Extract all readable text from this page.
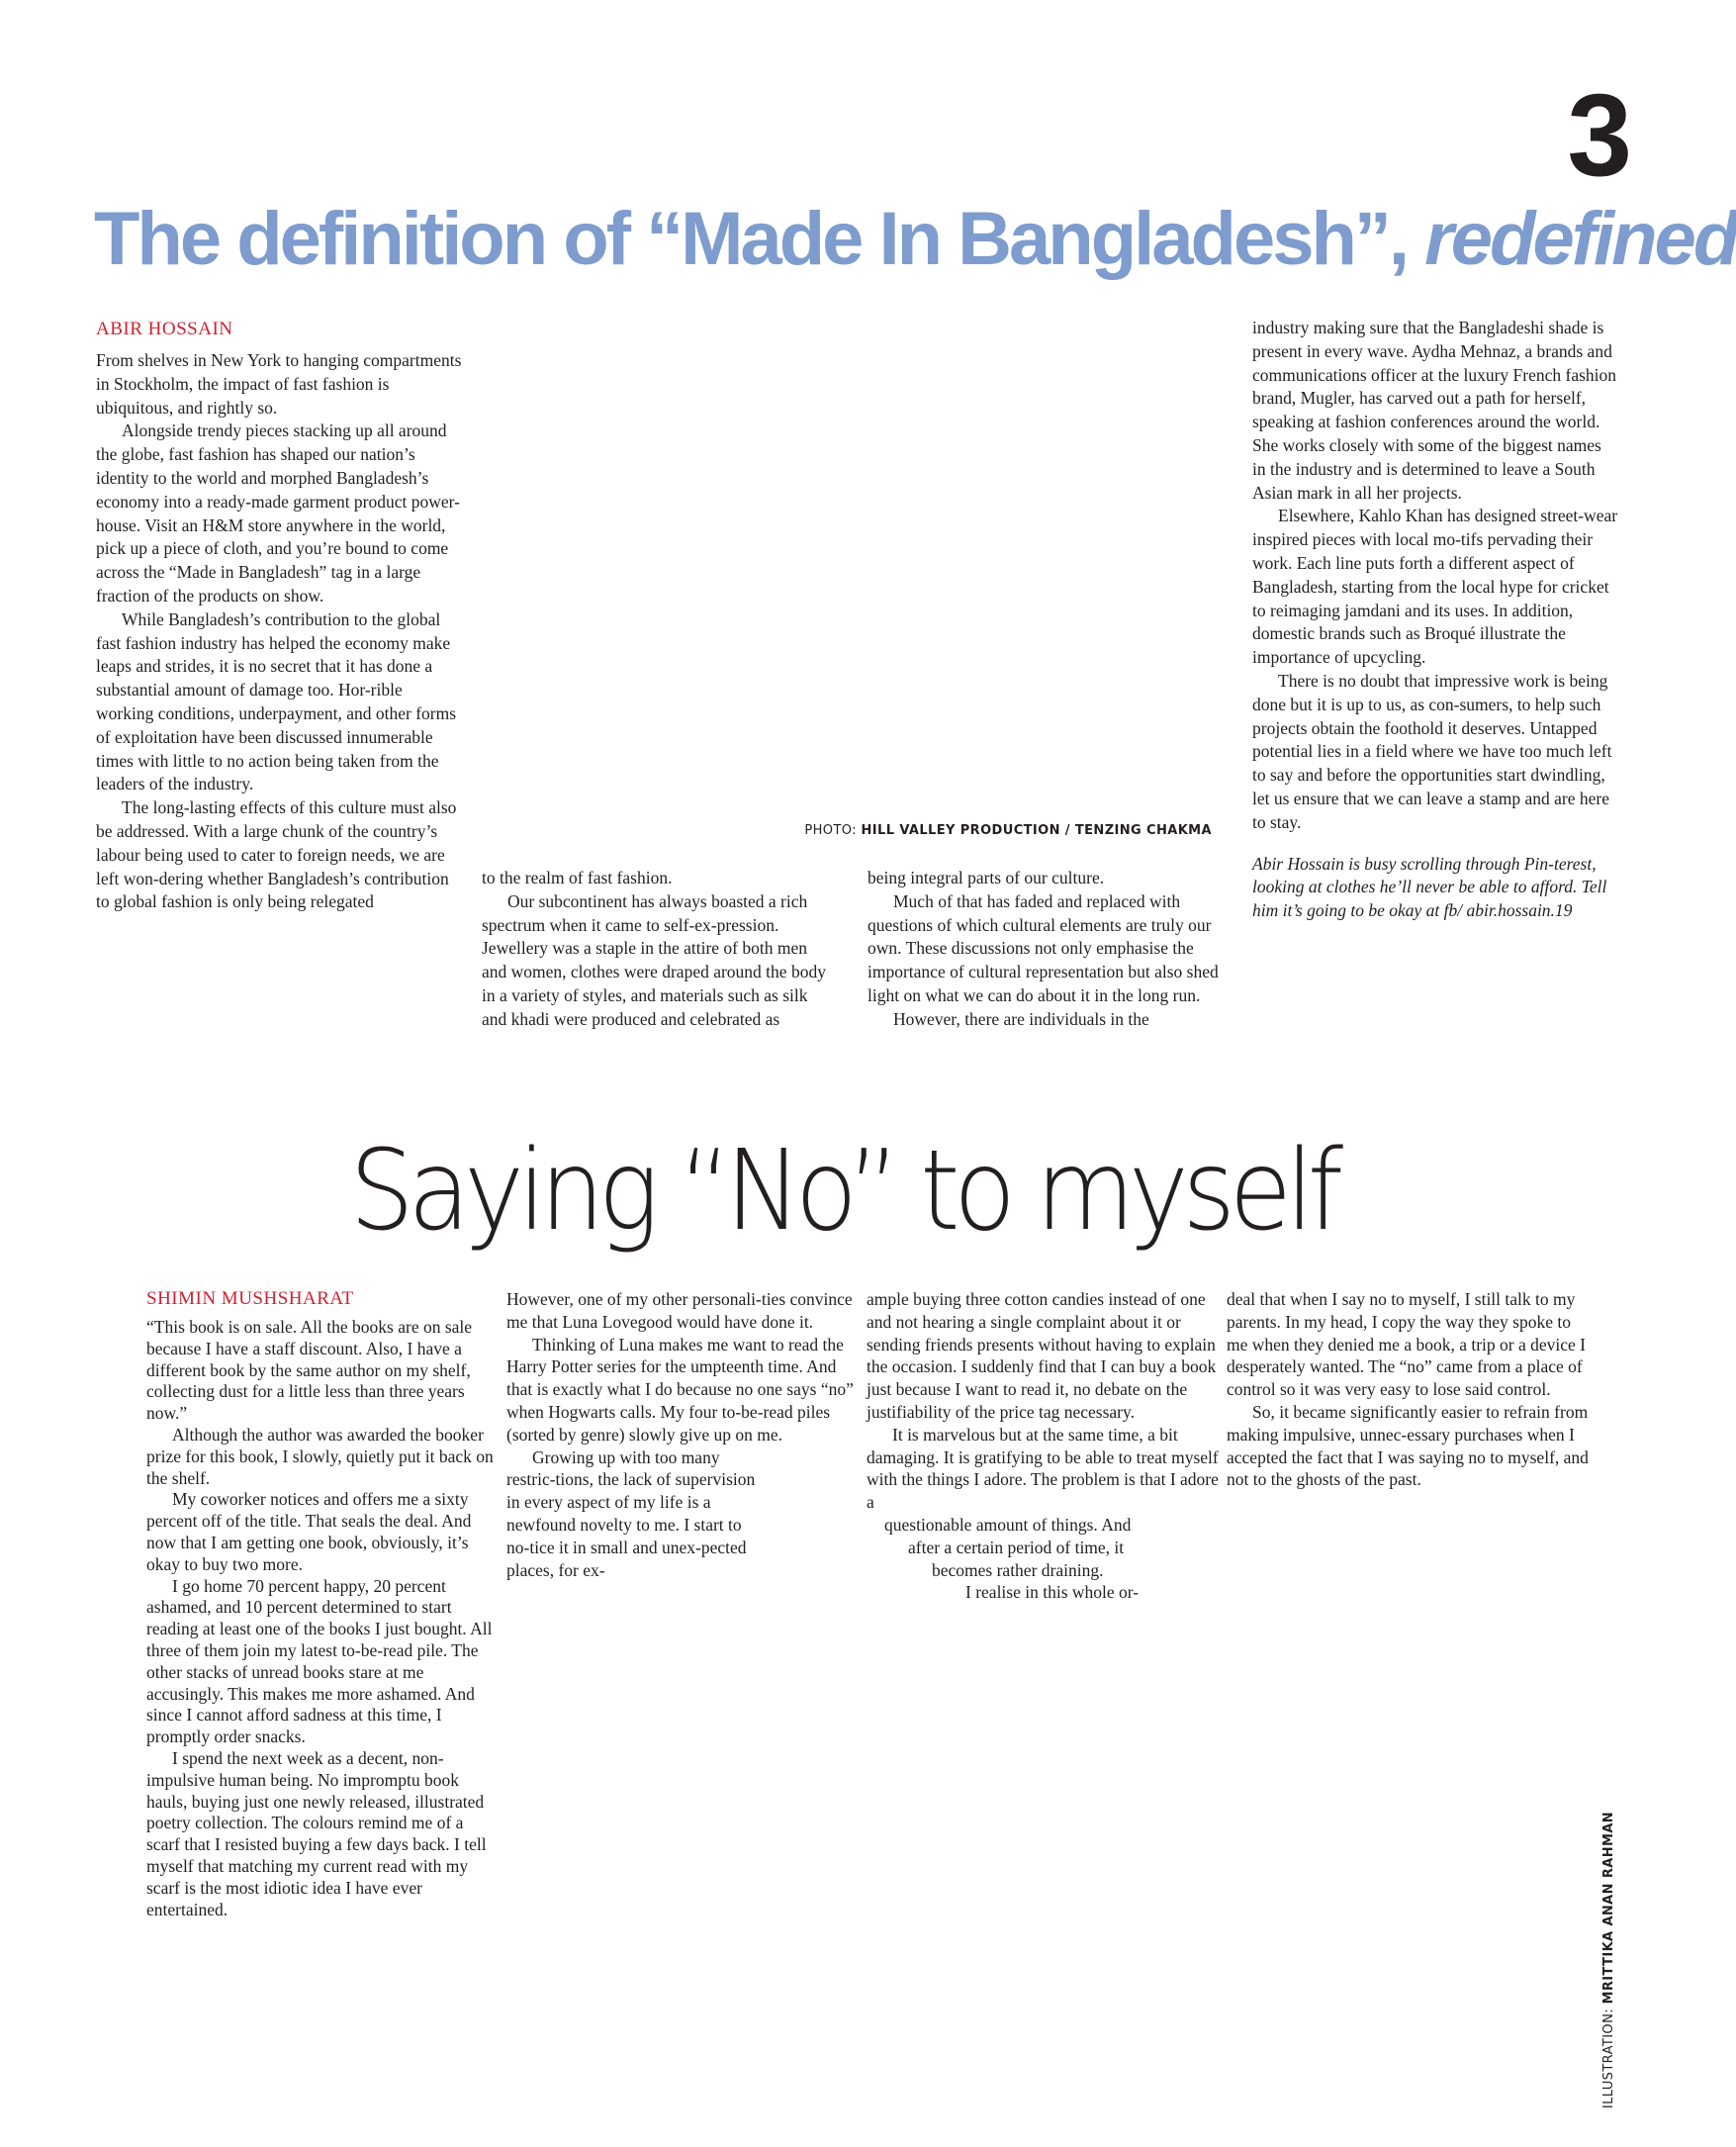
3
The definition of “Made In Bangladesh”, redefined
ABIR HOSSAIN

From shelves in New York to hanging compartments in Stockholm, the impact of fast fashion is ubiquitous, and rightly so.

Alongside trendy pieces stacking up all around the globe, fast fashion has shaped our nation’s identity to the world and morphed Bangladesh’s economy into a ready-made garment product power-house. Visit an H&M store anywhere in the world, pick up a piece of cloth, and you’re bound to come across the “Made in Bangladesh” tag in a large fraction of the products on show.

While Bangladesh’s contribution to the global fast fashion industry has helped the economy make leaps and strides, it is no secret that it has done a substantial amount of damage too. Hor-rible working conditions, underpayment, and other forms of exploitation have been discussed innumerable times with little to no action being taken from the leaders of the industry.

The long-lasting effects of this culture must also be addressed. With a large chunk of the country’s labour being used to cater to foreign needs, we are left won-dering whether Bangladesh’s contribution to global fashion is only being relegated

PHOTO: HILL VALLEY PRODUCTION / TENZING CHAKMA

to the realm of fast fashion.

Our subcontinent has always boasted a rich spectrum when it came to self-ex-pression. Jewellery was a staple in the attire of both men and women, clothes were draped around the body in a variety of styles, and materials such as silk and khadi were produced and celebrated as

being integral parts of our culture.

Much of that has faded and replaced with questions of which cultural elements are truly our own. These discussions not only emphasise the importance of cultural representation but also shed light on what we can do about it in the long run.

However, there are individuals in the

industry making sure that the Bangladeshi shade is present in every wave. Aydha Mehnaz, a brands and communications officer at the luxury French fashion brand, Mugler, has carved out a path for herself, speaking at fashion conferences around the world. She works closely with some of the biggest names in the industry and is determined to leave a South Asian mark in all her projects.

Elsewhere, Kahlo Khan has designed street-wear inspired pieces with local mo-tifs pervading their work. Each line puts forth a different aspect of Bangladesh, starting from the local hype for cricket to reimaging jamdani and its uses. In addition, domestic brands such as Broqué illustrate the importance of upcycling.

There is no doubt that impressive work is being done but it is up to us, as con-sumers, to help such projects obtain the foothold it deserves. Untapped potential lies in a field where we have too much left to say and before the opportunities start dwindling, let us ensure that we can leave a stamp and are here to stay.

Abir Hossain is busy scrolling through Pin-terest, looking at clothes he’ll never be able to afford. Tell him it’s going to be okay at fb/ abir.hossain.19

Saying “No” to myself
SHIMIN MUSHSHARAT

“This book is on sale. All the books are on sale because I have a staff discount. Also, I have a different book by the same author on my shelf, collecting dust for a little less than three years now.”

Although the author was awarded the booker prize for this book, I slowly, quietly put it back on the shelf.

My coworker notices and offers me a sixty percent off of the title. That seals the deal. And now that I am getting one book, obviously, it’s okay to buy two more.

I go home 70 percent happy, 20 percent ashamed, and 10 percent determined to start reading at least one of the books I just bought. All three of them join my latest to-be-read pile. The other stacks of unread books stare at me accusingly. This makes me more ashamed. And since I cannot afford sadness at this time, I promptly order snacks.

I spend the next week as a decent, non-impulsive human being. No impromptu book hauls, buying just one newly released, illustrated poetry collection. The colours remind me of a scarf that I resisted buying a few days back. I tell myself that matching my current read with my scarf is the most idiotic idea I have ever entertained.

However, one of my other personali-ties convince me that Luna Lovegood would have done it.

Thinking of Luna makes me want to read the Harry Potter series for the umpteenth time. And that is exactly what I do because no one says “no” when Hogwarts calls. My four to-be-read piles (sorted by genre) slowly give up on me.

Growing up with too many restric-tions, the lack of supervision in every aspect of my life is a newfound novelty to me. I start to no-tice it in small and unex-pected places, for ex-

ample buying three cotton candies instead of one and not hearing a single complaint about it or sending friends presents without having to explain the occasion. I suddenly find that I can buy a book just because I want to read it, no debate on the justifiability of the price tag necessary.

It is marvelous but at the same time, a bit damaging. It is gratifying to be able to treat myself with the things I adore. The problem is that I adore a

questionable amount of things. And

after a certain period of time, it

becomes rather draining.

I realise in this whole or-

deal that when I say no to myself, I still talk to my parents. In my head, I copy the way they spoke to me when they denied me a book, a trip or a device I desperately wanted. The “no” came from a place of control so it was very easy to lose said control.

So, it became significantly easier to refrain from making impulsive, unnec-essary purchases when I accepted the fact that I was saying no to myself, and not to the ghosts of the past.

ILLUSTRATION: MRITTIKA ANAN RAHMAN
